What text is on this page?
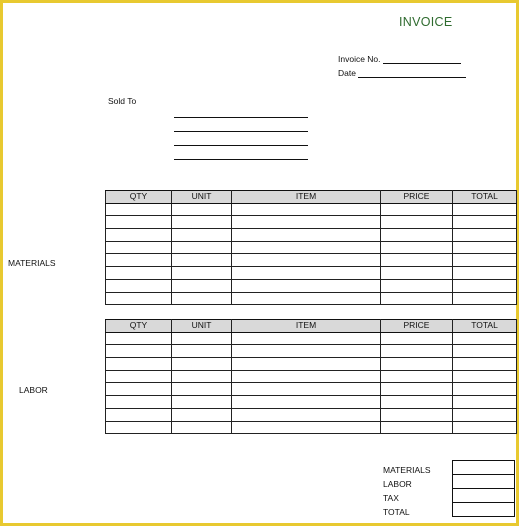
INVOICE
Invoice No.
Date
Sold To
MATERIALS
QTY	UNIT	ITEM	PRICE	TOTAL

LABOR
QTY	UNIT	ITEM	PRICE	TOTAL

MATERIALS
LABOR
TAX
TOTAL
